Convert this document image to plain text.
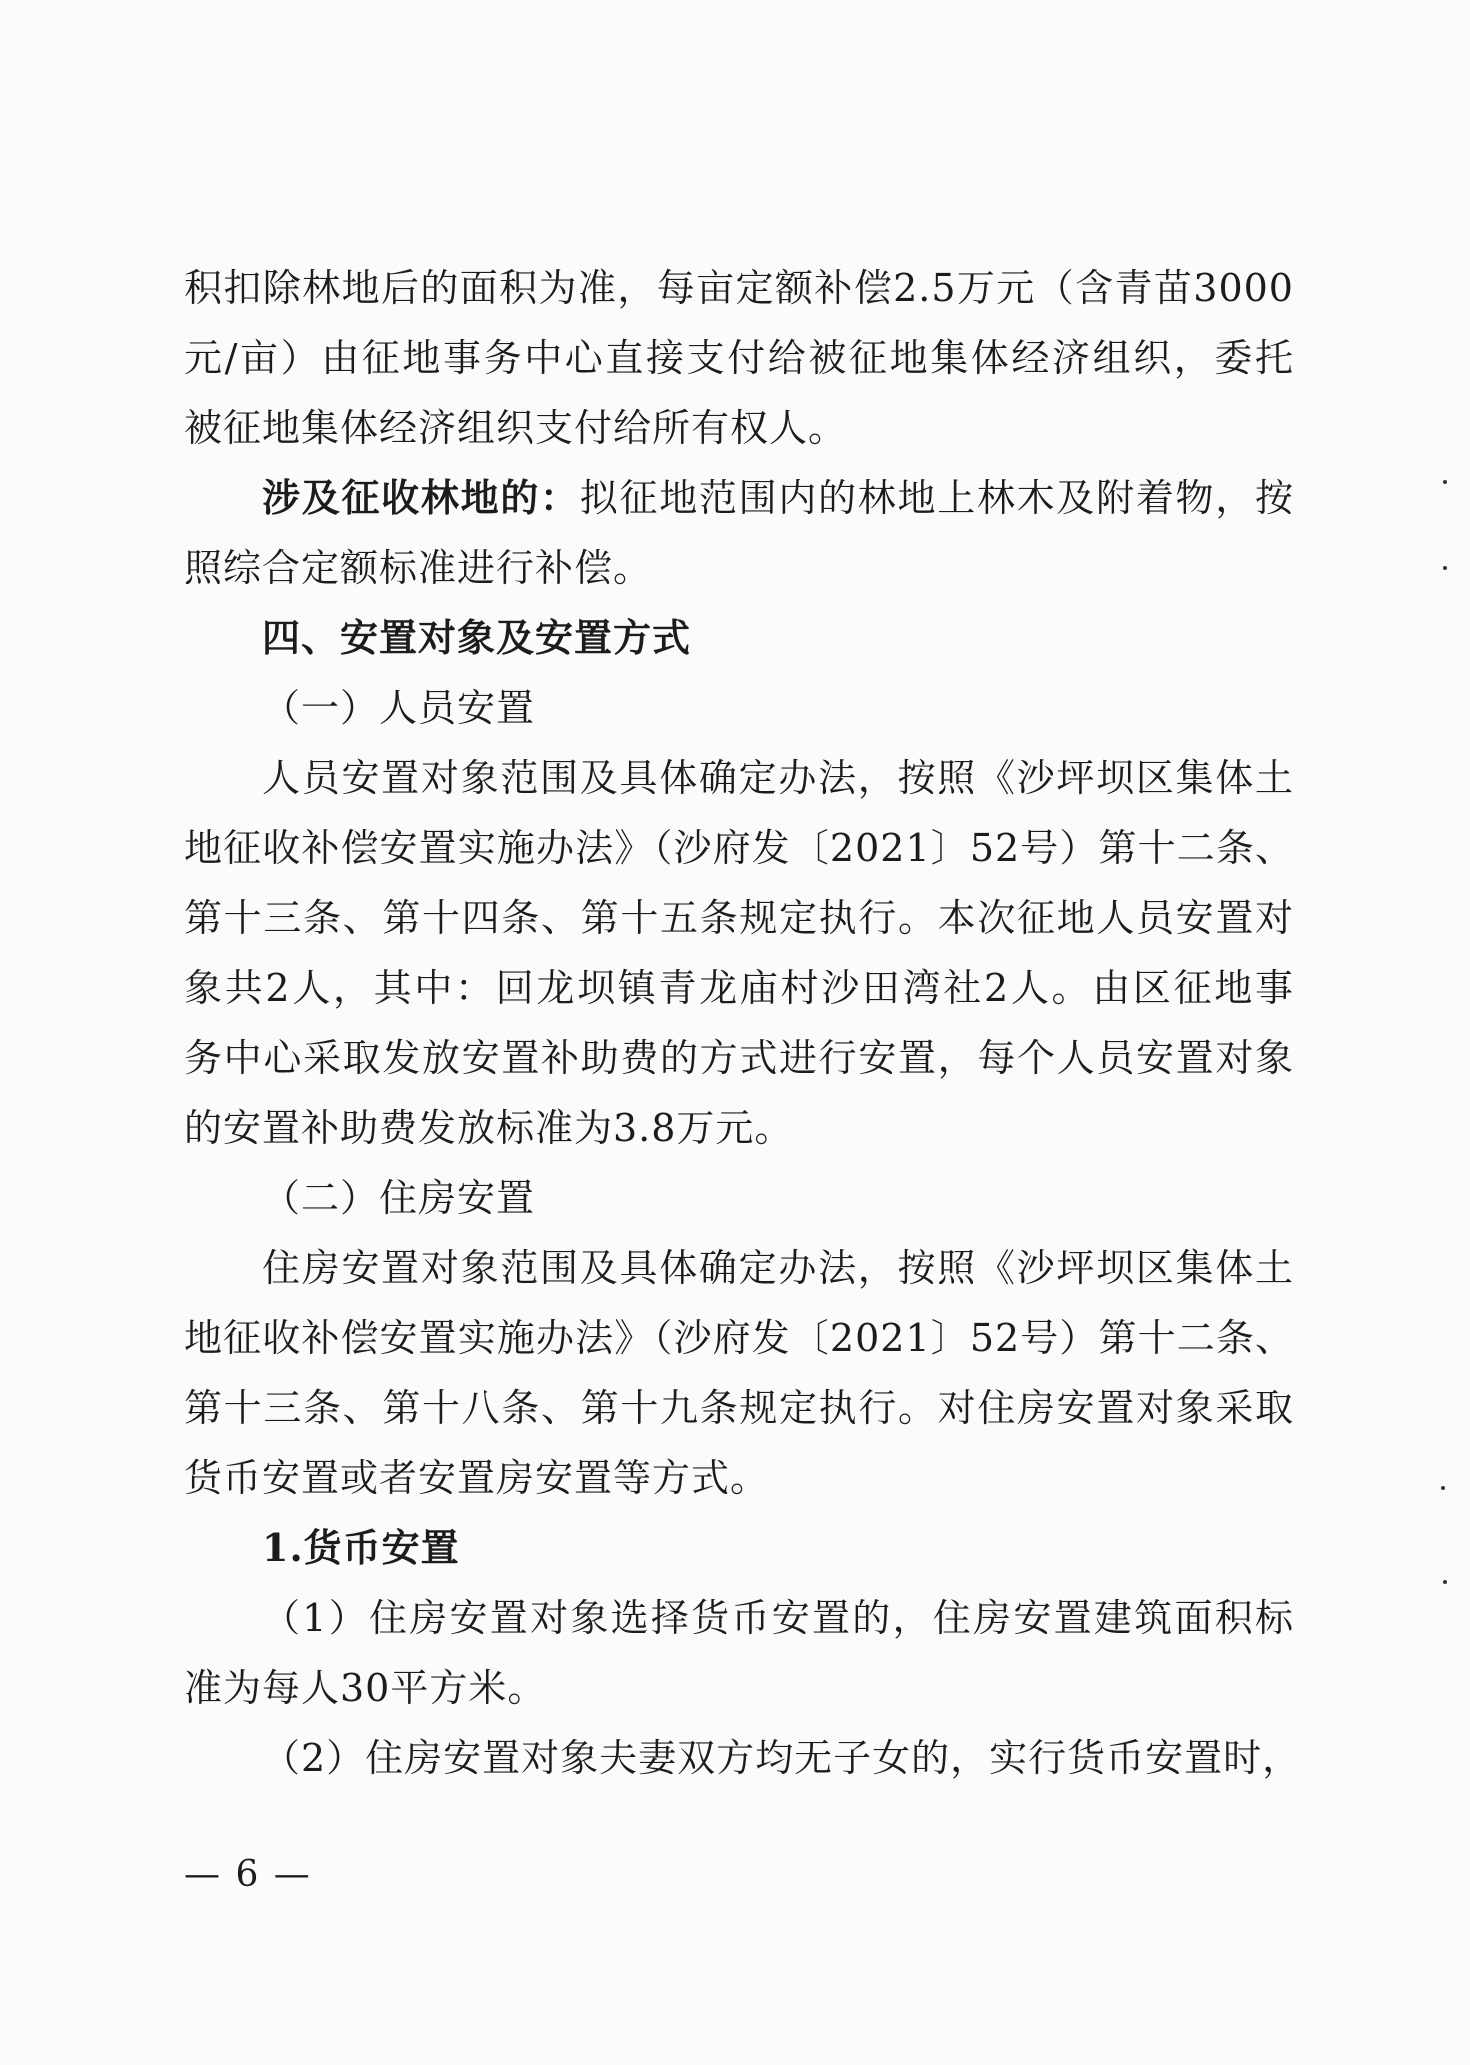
积扣除林地后的面积为准，每亩定额补偿2.5万元（含青苗3000
元/亩）由征地事务中心直接支付给被征地集体经济组织，委托
被征地集体经济组织支付给所有权人。
涉及征收林地的：拟征地范围内的林地上林木及附着物，按
照综合定额标准进行补偿。
四、安置对象及安置方式
（一）人员安置
人员安置对象范围及具体确定办法，按照《沙坪坝区集体土
地征收补偿安置实施办法》（沙府发〔2021〕52号）第十二条、
第十三条、第十四条、第十五条规定执行。本次征地人员安置对
象共2人，其中：回龙坝镇青龙庙村沙田湾社2人。由区征地事
务中心采取发放安置补助费的方式进行安置，每个人员安置对象
的安置补助费发放标准为3.8万元。
（二）住房安置
住房安置对象范围及具体确定办法，按照《沙坪坝区集体土
地征收补偿安置实施办法》（沙府发〔2021〕52号）第十二条、
第十三条、第十八条、第十九条规定执行。对住房安置对象采取
货币安置或者安置房安置等方式。
1.货币安置
（1）住房安置对象选择货币安置的，住房安置建筑面积标
准为每人30平方米。
（2）住房安置对象夫妻双方均无子女的，实行货币安置时，
— 6 —
